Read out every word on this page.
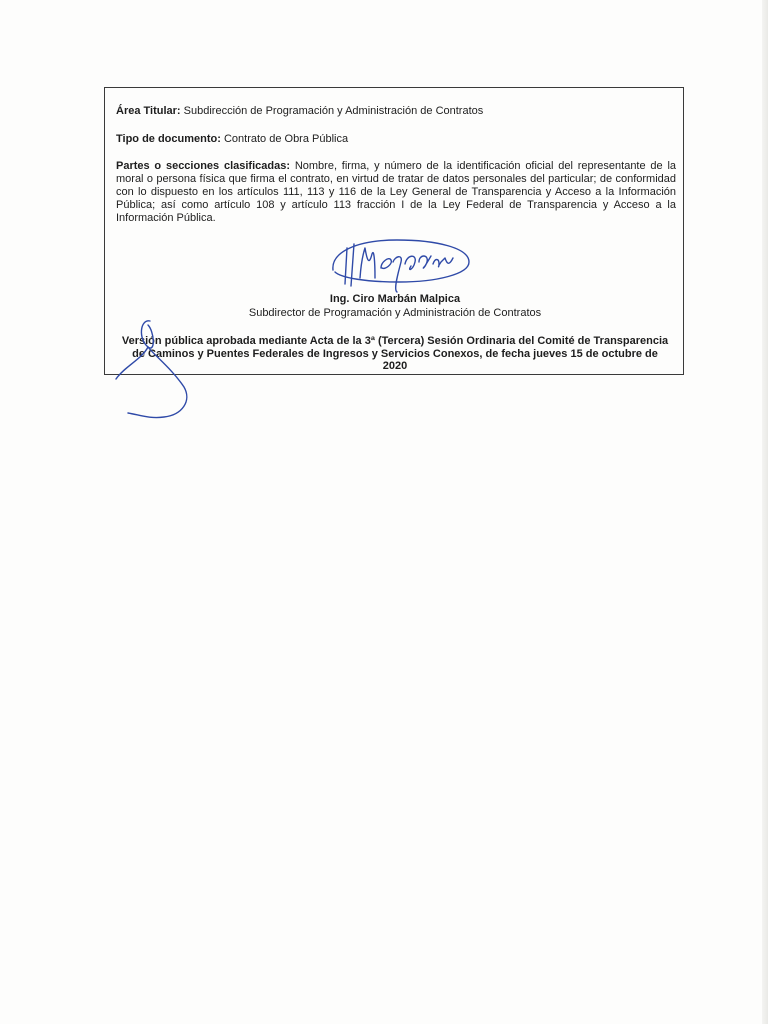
Área Titular: Subdirección de Programación y Administración de Contratos
Tipo de documento: Contrato de Obra Pública
Partes o secciones clasificadas: Nombre, firma, y número de la identificación oficial del representante de la
moral o persona física que firma el contrato, en virtud de tratar de datos personales del particular; de conformidad
con lo dispuesto en los artículos 111, 113 y 116 de la Ley General de Transparencia y Acceso a la Información
Pública; así como artículo 108 y artículo 113 fracción I de la Ley Federal de Transparencia y Acceso a la
Información Pública.
Ing. Ciro Marbán Malpica
Subdirector de Programación y Administración de Contratos
Versión pública aprobada mediante Acta de la 3ª (Tercera) Sesión Ordinaria del Comité de Transparencia
de Caminos y Puentes Federales de Ingresos y Servicios Conexos, de fecha jueves 15 de octubre de
2020
